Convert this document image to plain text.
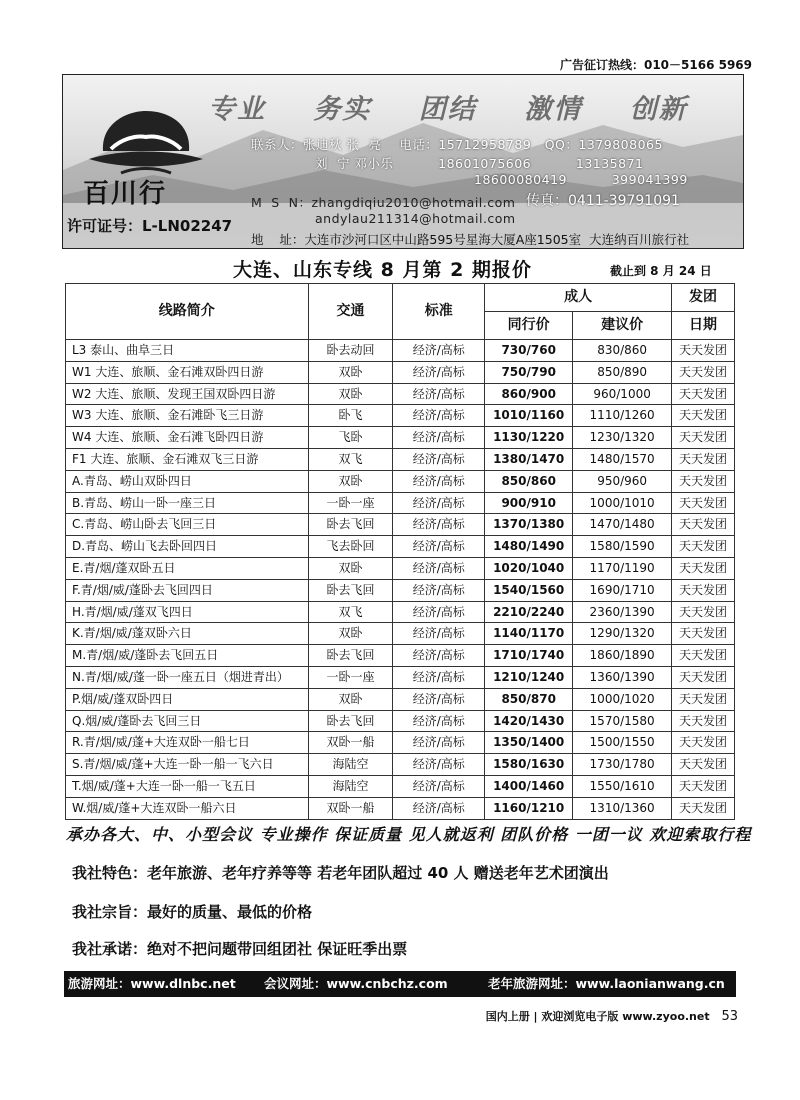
广告征订热线：010－5166 5969
百川行
专业 务实 团结 激情 创新
联系人：张迪秋 张  亮    电话：15712958789   QQ：1379808065
刘  宁 邓小乐          18601075606          13135871
18600080419          399041399
M  S  N：zhangdiqiu2010@hotmail.com
andylau211314@hotmail.com
传真：0411-39791091
许可证号：L-LN02247
地    址：大连市沙河口区中山路595号星海大厦A座1505室  大连纳百川旅行社
大连、山东专线 8 月第 2 期报价	截止到 8 月 24 日
线路简介	交通	标准	成人		发团
			同行价	建议价	日期
L3 泰山、曲阜三日	卧去动回	经济/高标	730/760	830/860	天天发团
W1 大连、旅顺、金石滩双卧四日游	双卧	经济/高标	750/790	850/890	天天发团
W2 大连、旅顺、发现王国双卧四日游	双卧	经济/高标	860/900	960/1000	天天发团
W3 大连、旅顺、金石滩卧飞三日游	卧飞	经济/高标	1010/1160	1110/1260	天天发团
W4 大连、旅顺、金石滩飞卧四日游	飞卧	经济/高标	1130/1220	1230/1320	天天发团
F1 大连、旅顺、金石滩双飞三日游	双飞	经济/高标	1380/1470	1480/1570	天天发团
A.青岛、崂山双卧四日	双卧	经济/高标	850/860	950/960	天天发团
B.青岛、崂山一卧一座三日	一卧一座	经济/高标	900/910	1000/1010	天天发团
C.青岛、崂山卧去飞回三日	卧去飞回	经济/高标	1370/1380	1470/1480	天天发团
D.青岛、崂山飞去卧回四日	飞去卧回	经济/高标	1480/1490	1580/1590	天天发团
E.青/烟/蓬双卧五日	双卧	经济/高标	1020/1040	1170/1190	天天发团
F.青/烟/威/蓬卧去飞回四日	卧去飞回	经济/高标	1540/1560	1690/1710	天天发团
H.青/烟/威/蓬双飞四日	双飞	经济/高标	2210/2240	2360/1390	天天发团
K.青/烟/威/蓬双卧六日	双卧	经济/高标	1140/1170	1290/1320	天天发团
M.青/烟/威/蓬卧去飞回五日	卧去飞回	经济/高标	1710/1740	1860/1890	天天发团
N.青/烟/威/蓬一卧一座五日（烟进青出）	一卧一座	经济/高标	1210/1240	1360/1390	天天发团
P.烟/威/蓬双卧四日	双卧	经济/高标	850/870	1000/1020	天天发团
Q.烟/威/蓬卧去飞回三日	卧去飞回	经济/高标	1420/1430	1570/1580	天天发团
R.青/烟/威/蓬+大连双卧一船七日	双卧一船	经济/高标	1350/1400	1500/1550	天天发团
S.青/烟/威/蓬+大连一卧一船一飞六日	海陆空	经济/高标	1580/1630	1730/1780	天天发团
T.烟/威/蓬+大连一卧一船一飞五日	海陆空	经济/高标	1400/1460	1550/1610	天天发团
W.烟/威/蓬+大连双卧一船六日	双卧一船	经济/高标	1160/1210	1310/1360	天天发团
承办各大、中、小型会议 专业操作 保证质量 见人就返利 团队价格 一团一议 欢迎索取行程
我社特色：老年旅游、老年疗养等等 若老年团队超过 40 人 赠送老年艺术团演出
我社宗旨：最好的质量、最低的价格
我社承诺：绝对不把问题带回组团社 保证旺季出票
旅游网址：www.dlnbc.net 会议网址：www.cnbchz.com	老年旅游网址：www.laonianwang.cn
国内上册 | 欢迎浏览电子版 www.zyoo.net 53
